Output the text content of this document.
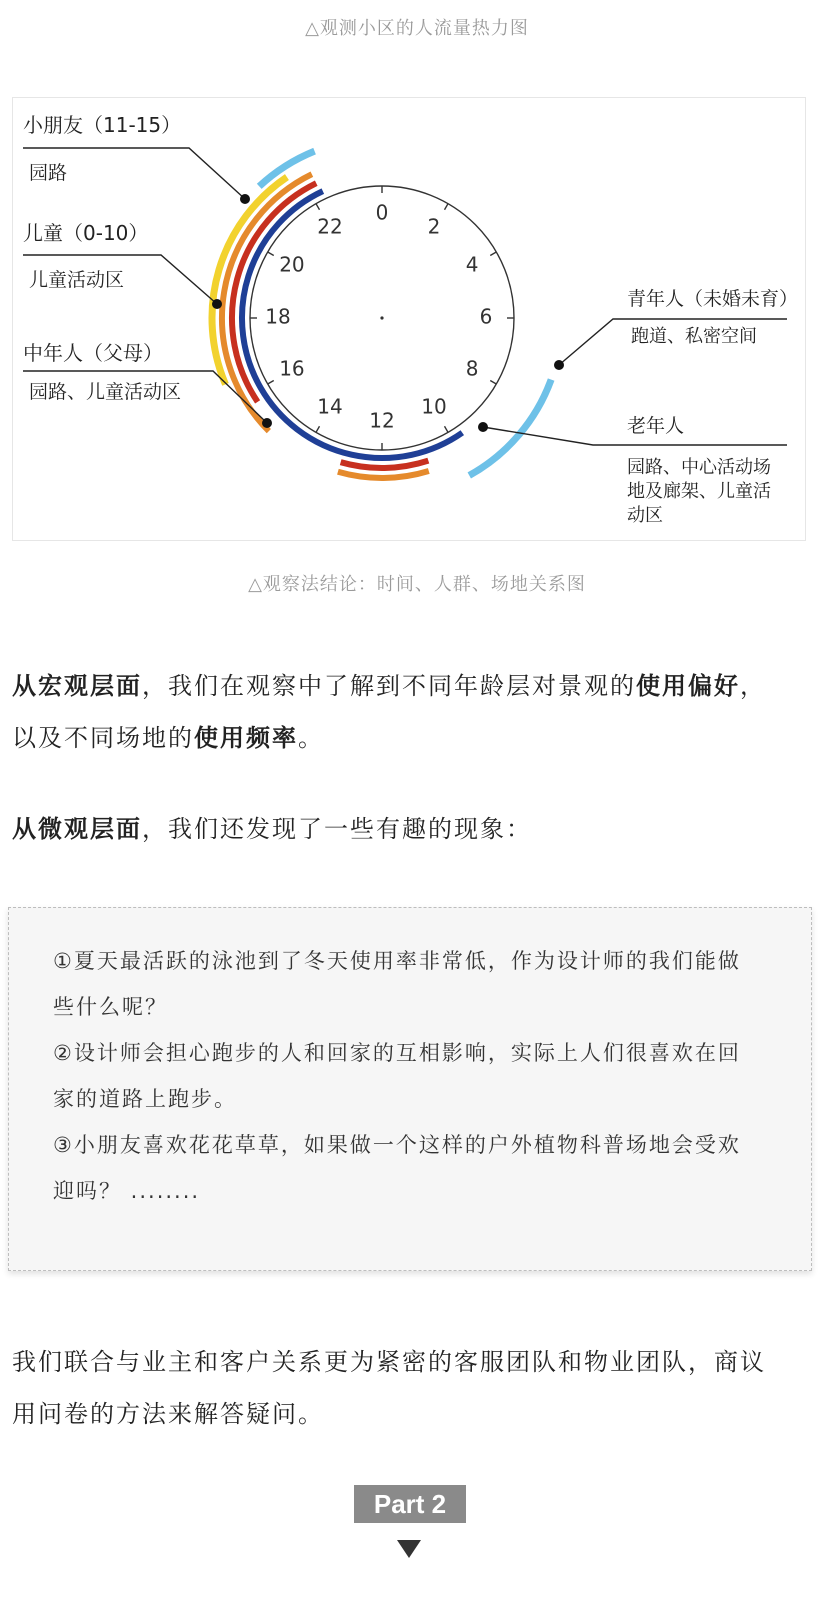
△观测小区的人流量热力图
0
2
4
6
8
10
12
14
16
18
20
22
小朋友（11-15）
园路
儿童（0-10）
儿童活动区
中年人（父母）
园路、儿童活动区
青年人（未婚未育）
跑道、私密空间
老年人
园路、中心活动场
地及廊架、儿童活
动区
△观察法结论：时间、人群、场地关系图
从宏观层面，我们在观察中了解到不同年龄层对景观的使用偏好，
以及不同场地的使用频率。
从微观层面，我们还发现了一些有趣的现象：
①夏天最活跃的泳池到了冬天使用率非常低，作为设计师的我们能做
些什么呢？
②设计师会担心跑步的人和回家的互相影响，实际上人们很喜欢在回
家的道路上跑步。
③小朋友喜欢花花草草，如果做一个这样的户外植物科普场地会受欢
迎吗？ ........
我们联合与业主和客户关系更为紧密的客服团队和物业团队，商议
用问卷的方法来解答疑问。
Part 2
